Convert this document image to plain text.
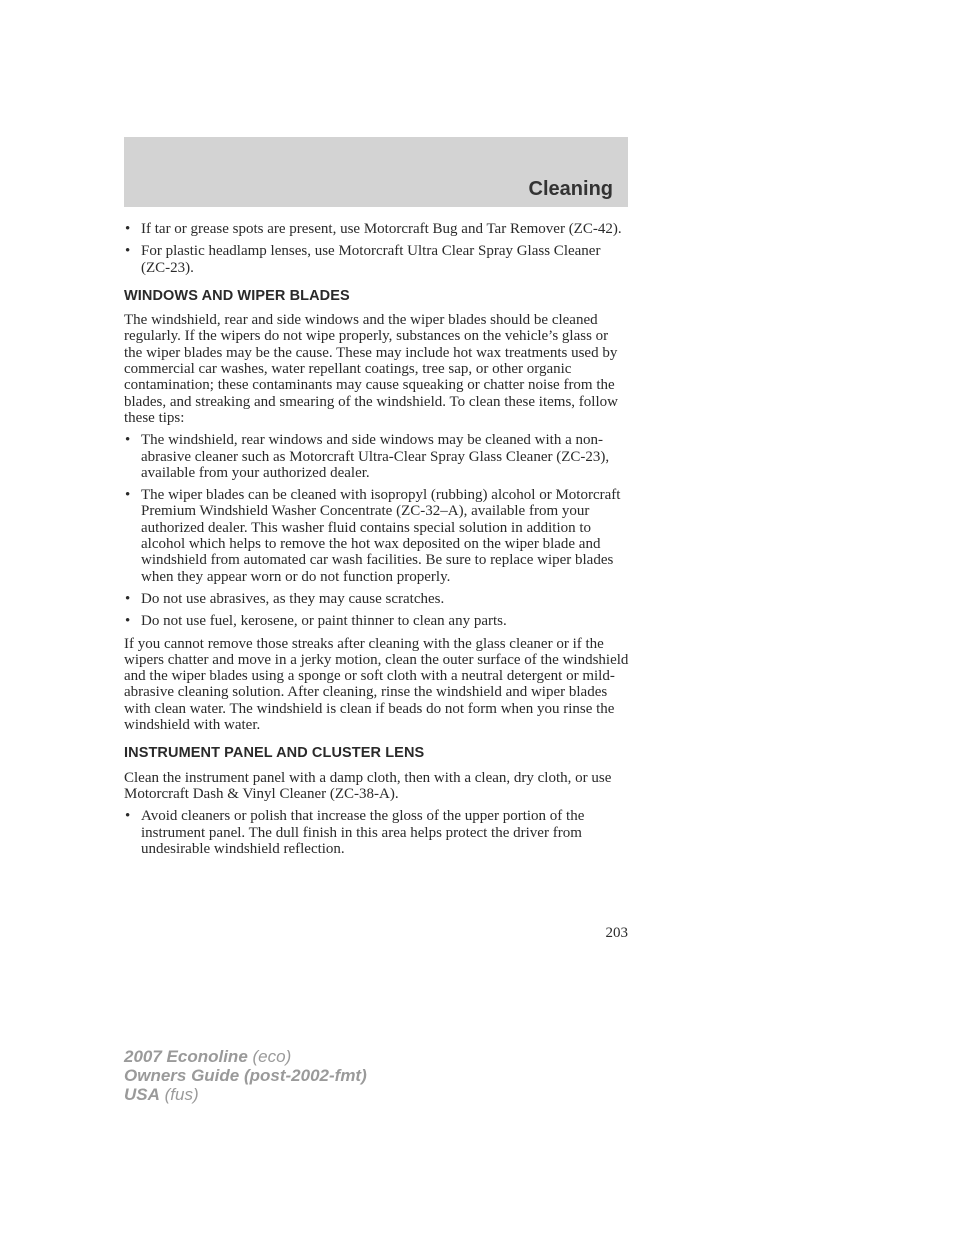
Cleaning
• If tar or grease spots are present, use Motorcraft Bug and Tar Remover (ZC-42).
• For plastic headlamp lenses, use Motorcraft Ultra Clear Spray Glass Cleaner (ZC-23).
WINDOWS AND WIPER BLADES

The windshield, rear and side windows and the wiper blades should be cleaned regularly. If the wipers do not wipe properly, substances on the vehicle’s glass or the wiper blades may be the cause. These may include hot wax treatments used by commercial car washes, water repellant coatings, tree sap, or other organic contamination; these contaminants may cause squeaking or chatter noise from the blades, and streaking and smearing of the windshield. To clean these items, follow these tips:

• The windshield, rear windows and side windows may be cleaned with a non-abrasive cleaner such as Motorcraft Ultra-Clear Spray Glass Cleaner (ZC-23), available from your authorized dealer.
• The wiper blades can be cleaned with isopropyl (rubbing) alcohol or Motorcraft Premium Windshield Washer Concentrate (ZC-32–A), available from your authorized dealer. This washer fluid contains special solution in addition to alcohol which helps to remove the hot wax deposited on the wiper blade and windshield from automated car wash facilities. Be sure to replace wiper blades when they appear worn or do not function properly.
• Do not use abrasives, as they may cause scratches.
• Do not use fuel, kerosene, or paint thinner to clean any parts.

If you cannot remove those streaks after cleaning with the glass cleaner or if the wipers chatter and move in a jerky motion, clean the outer surface of the windshield and the wiper blades using a sponge or soft cloth with a neutral detergent or mild-abrasive cleaning solution. After cleaning, rinse the windshield and wiper blades with clean water. The windshield is clean if beads do not form when you rinse the windshield with water.

INSTRUMENT PANEL AND CLUSTER LENS

Clean the instrument panel with a damp cloth, then with a clean, dry cloth, or use Motorcraft Dash & Vinyl Cleaner (ZC-38-A).

• Avoid cleaners or polish that increase the gloss of the upper portion of the instrument panel. The dull finish in this area helps protect the driver from undesirable windshield reflection.
203
2007 Econoline (eco)
Owners Guide (post-2002-fmt)
USA (fus)
